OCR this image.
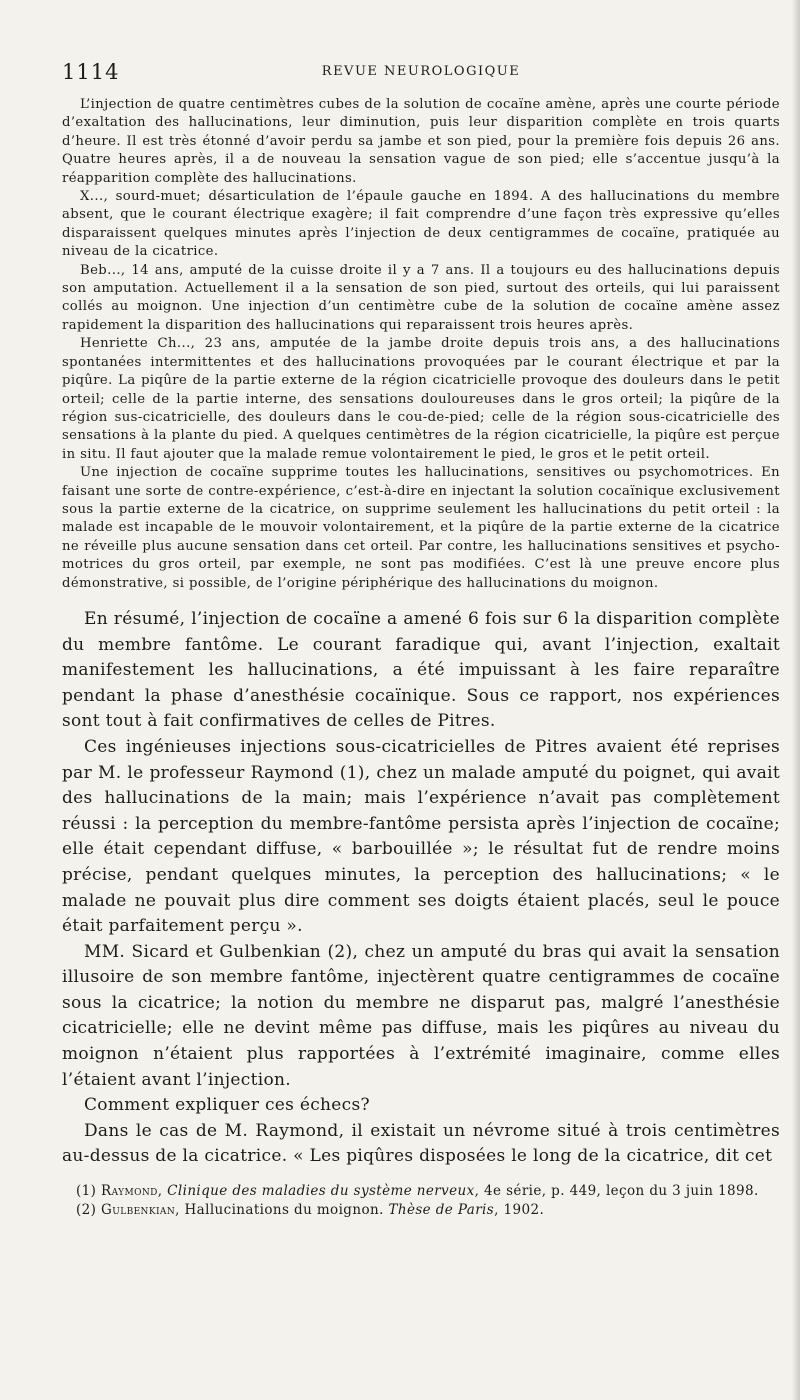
1114	REVUE NEUROLOGIQUE

L’injection de quatre centimètres cubes de la solution de cocaïne amène, après une courte période d’exaltation des hallucinations, leur diminution, puis leur disparition complète en trois quarts d’heure. Il est très étonné d’avoir perdu sa jambe et son pied, pour la première fois depuis 26 ans. Quatre heures après, il a de nouveau la sensation vague de son pied; elle s’accentue jusqu’à la réapparition complète des hallucinations.

X..., sourd-muet; désarticulation de l’épaule gauche en 1894. A des hallucinations du membre absent, que le courant électrique exagère; il fait comprendre d’une façon très expressive qu’elles disparaissent quelques minutes après l’injection de deux centigrammes de cocaïne, pratiquée au niveau de la cicatrice.

Beb..., 14 ans, amputé de la cuisse droite il y a 7 ans. Il a toujours eu des hallucinations depuis son amputation. Actuellement il a la sensation de son pied, surtout des orteils, qui lui paraissent collés au moignon. Une injection d’un centimètre cube de la solution de cocaïne amène assez rapidement la disparition des hallucinations qui reparaissent trois heures après.

Henriette Ch..., 23 ans, amputée de la jambe droite depuis trois ans, a des hallucinations spontanées intermittentes et des hallucinations provoquées par le courant électrique et par la piqûre. La piqûre de la partie externe de la région cicatricielle provoque des douleurs dans le petit orteil; celle de la partie interne, des sensations douloureuses dans le gros orteil; la piqûre de la région sus-cicatricielle, des douleurs dans le cou-de-pied; celle de la région sous-cicatricielle des sensations à la plante du pied. A quelques centimètres de la région cicatricielle, la piqûre est perçue in situ. Il faut ajouter que la malade remue volontairement le pied, le gros et le petit orteil.

Une injection de cocaïne supprime toutes les hallucinations, sensitives ou psychomotrices. En faisant une sorte de contre-expérience, c’est-à-dire en injectant la solution cocaïnique exclusivement sous la partie externe de la cicatrice, on supprime seulement les hallucinations du petit orteil : la malade est incapable de le mouvoir volontairement, et la piqûre de la partie externe de la cicatrice ne réveille plus aucune sensation dans cet orteil. Par contre, les hallucinations sensitives et psycho-motrices du gros orteil, par exemple, ne sont pas modifiées. C’est là une preuve encore plus démonstrative, si possible, de l’origine périphérique des hallucinations du moignon.

En résumé, l’injection de cocaïne a amené 6 fois sur 6 la disparition complète du membre fantôme. Le courant faradique qui, avant l’injection, exaltait manifestement les hallucinations, a été impuissant à les faire reparaître pendant la phase d’anesthésie cocaïnique. Sous ce rapport, nos expériences sont tout à fait confirmatives de celles de Pitres.

Ces ingénieuses injections sous-cicatricielles de Pitres avaient été reprises par M. le professeur Raymond (1), chez un malade amputé du poignet, qui avait des hallucinations de la main; mais l’expérience n’avait pas complètement réussi : la perception du membre-fantôme persista après l’injection de cocaïne; elle était cependant diffuse, « barbouillée »; le résultat fut de rendre moins précise, pendant quelques minutes, la perception des hallucinations; « le malade ne pouvait plus dire comment ses doigts étaient placés, seul le pouce était parfaitement perçu ».

MM. Sicard et Gulbenkian (2), chez un amputé du bras qui avait la sensation illusoire de son membre fantôme, injectèrent quatre centigrammes de cocaïne sous la cicatrice; la notion du membre ne disparut pas, malgré l’anesthésie cicatricielle; elle ne devint même pas diffuse, mais les piqûres au niveau du moignon n’étaient plus rapportées à l’extrémité imaginaire, comme elles l’étaient avant l’injection.

Comment expliquer ces échecs?

Dans le cas de M. Raymond, il existait un névrome situé à trois centimètres au-dessus de la cicatrice. « Les piqûres disposées le long de la cicatrice, dit cet

(1) Raymond, Clinique des maladies du système nerveux, 4e série, p. 449, leçon du 3 juin 1898.

(2) Gulbenkian, Hallucinations du moignon. Thèse de Paris, 1902.
